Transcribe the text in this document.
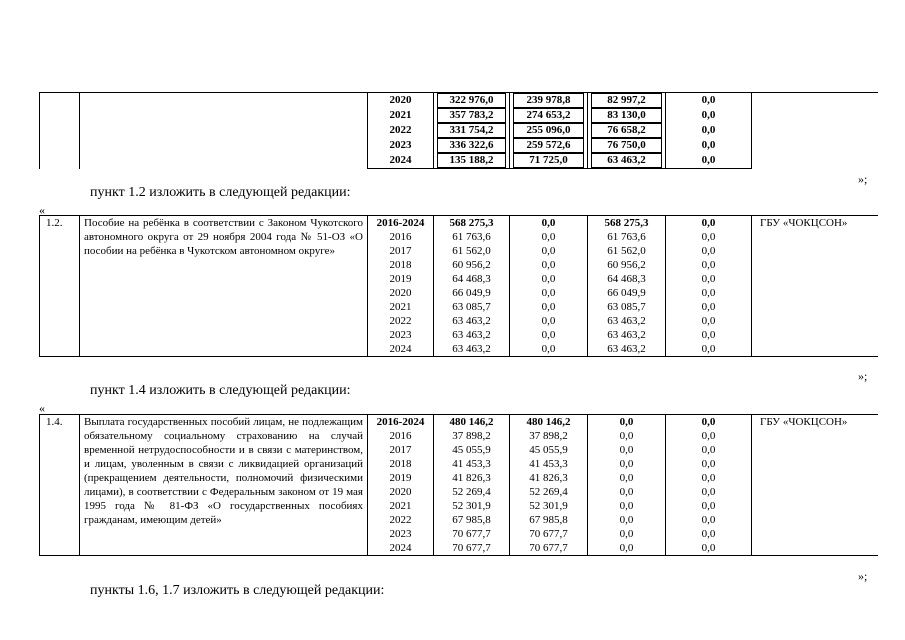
		2020	322 976,0	239 978,8	82 997,2	0,0	
		2021	357 783,2	274 653,2	83 130,0	0,0	
		2022	331 754,2	255 096,0	76 658,2	0,0	
		2023	336 322,6	259 572,6	76 750,0	0,0	
		2024	135 188,2	71 725,0	63 463,2	0,0	
пункт 1.2 изложить в следующей редакции:
»;
«
1.2.	Пособие на ребёнка в соответствии с Законом Чукотского автономного округа от 29 ноября 2004 года № 51-ОЗ «О пособии на ребёнка в Чукотском автономном округе»	2016-2024	568 275,3	0,0	568 275,3	0,0	ГБУ «ЧОКЦСОН»
		2016	61 763,6	0,0	61 763,6	0,0	
		2017	61 562,0	0,0	61 562,0	0,0	
		2018	60 956,2	0,0	60 956,2	0,0	
		2019	64 468,3	0,0	64 468,3	0,0	
		2020	66 049,9	0,0	66 049,9	0,0	
		2021	63 085,7	0,0	63 085,7	0,0	
		2022	63 463,2	0,0	63 463,2	0,0	
		2023	63 463,2	0,0	63 463,2	0,0	
		2024	63 463,2	0,0	63 463,2	0,0	
пункт 1.4 изложить в следующей редакции:
»;
«
1.4.	Выплата государственных пособий лицам, не подлежащим обязательному социальному страхованию на случай временной нетрудоспособности и в связи с материнством, и лицам, уволенным в связи с ликвидацией организаций (прекращением деятельности, полномочий физическими лицами), в соответствии с Федеральным законом от 19 мая 1995 года № 81-ФЗ «О государственных пособиях гражданам, имеющим детей»	2016-2024	480 146,2	480 146,2	0,0	0,0	ГБУ «ЧОКЦСОН»
		2016	37 898,2	37 898,2	0,0	0,0	
		2017	45 055,9	45 055,9	0,0	0,0	
		2018	41 453,3	41 453,3	0,0	0,0	
		2019	41 826,3	41 826,3	0,0	0,0	
		2020	52 269,4	52 269,4	0,0	0,0	
		2021	52 301,9	52 301,9	0,0	0,0	
		2022	67 985,8	67 985,8	0,0	0,0	
		2023	70 677,7	70 677,7	0,0	0,0	
		2024	70 677,7	70 677,7	0,0	0,0	
»;
пункты 1.6, 1.7 изложить в следующей редакции:
